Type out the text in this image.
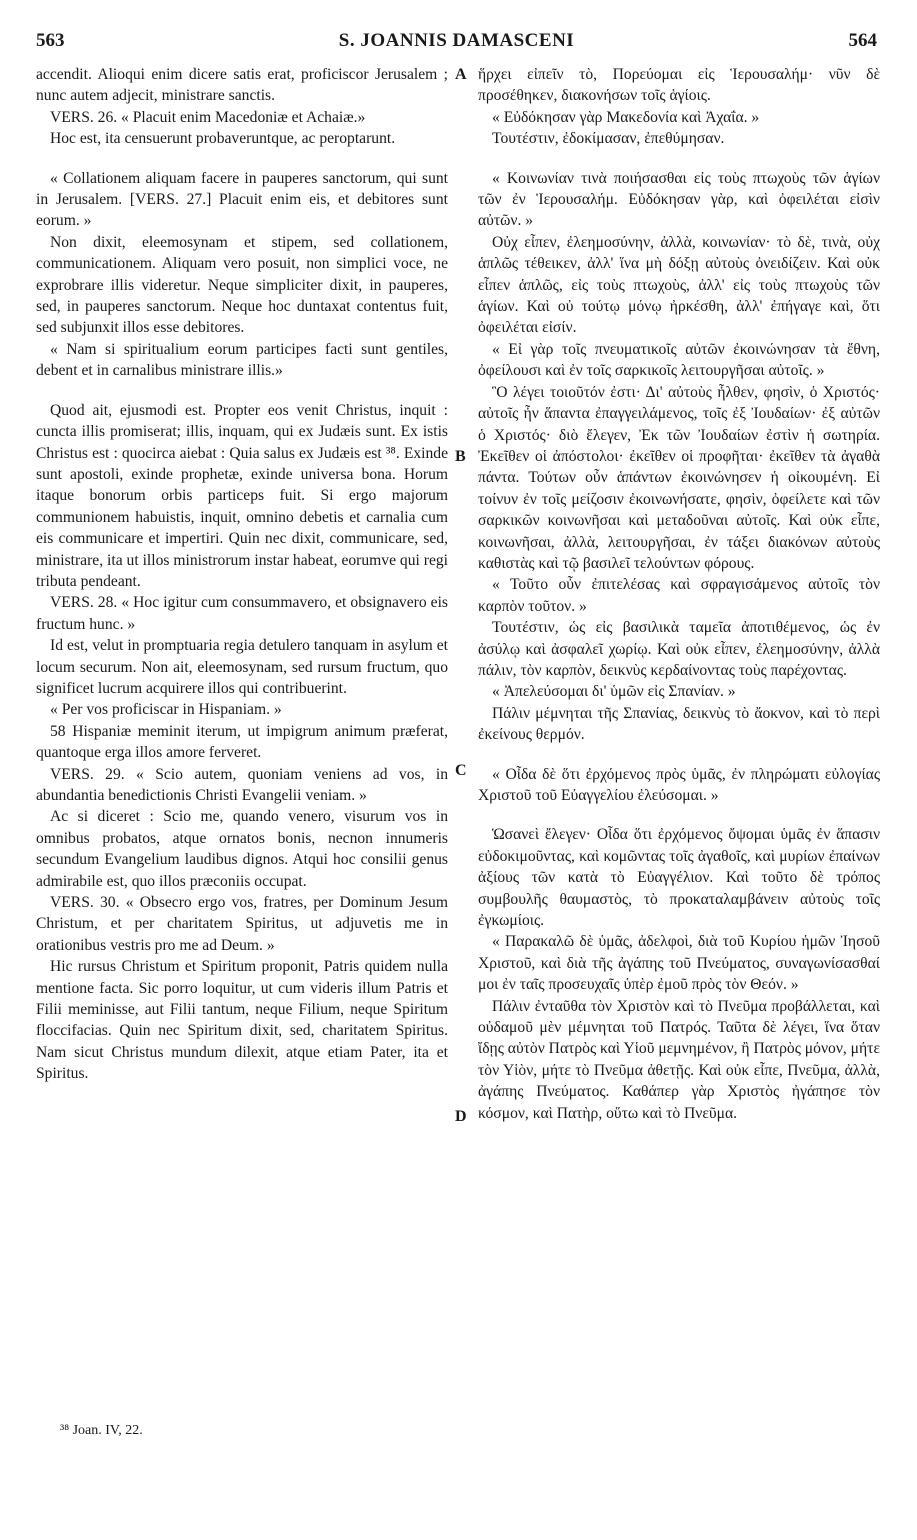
S. JOANNIS DAMASCENI
563	564

accendit. Alioqui enim dicere satis erat, proficiscor Jerusalem ; nunc autem adjecit, ministrare sanctis.

VERS. 26. « Placuit enim Macedoniæ et Achaiæ.»

Hoc est, ita censuerunt probaveruntque, ac peroptarunt.

« Collationem aliquam facere in pauperes sanctorum, qui sunt in Jerusalem. [VERS. 27.] Placuit enim eis, et debitores sunt eorum. »

Non dixit, eleemosynam et stipem, sed collationem, communicationem. Aliquam vero posuit, non simplici voce, ne exprobrare illis videretur. Neque simpliciter dixit, in pauperes, sed, in pauperes sanctorum. Neque hoc duntaxat contentus fuit, sed subjunxit illos esse debitores.

« Nam si spiritualium eorum participes facti sunt gentiles, debent et in carnalibus ministrare illis.»

Quod ait, ejusmodi est. Propter eos venit Christus, inquit : cuncta illis promiserat; illis, inquam, qui ex Judæis sunt. Ex istis Christus est : quocirca aiebat : Quia salus ex Judæis est ³⁸. Exinde sunt apostoli, exinde prophetæ, exinde universa bona. Horum itaque bonorum orbis particeps fuit. Si ergo majorum communionem habuistis, inquit, omnino debetis et carnalia cum eis communicare et impertiri. Quin nec dixit, communicare, sed, ministrare, ita ut illos ministrorum instar habeat, eorumve qui regi tributa pendeant.

VERS. 28. « Hoc igitur cum consummavero, et obsignavero eis fructum hunc. »

Id est, velut in promptuaria regia detulero tanquam in asylum et locum securum. Non ait, eleemosynam, sed rursum fructum, quo significet lucrum acquirere illos qui contribuerint.

« Per vos proficiscar in Hispaniam. »

58 Hispaniæ meminit iterum, ut impigrum animum præferat, quantoque erga illos amore ferveret.

VERS. 29. « Scio autem, quoniam veniens ad vos, in abundantia benedictionis Christi Evangelii veniam. »

Ac si diceret : Scio me, quando venero, visurum vos in omnibus probatos, atque ornatos bonis, necnon innumeris secundum Evangelium laudibus dignos. Atqui hoc consilii genus admirabile est, quo illos præconiis occupat.

VERS. 30. « Obsecro ergo vos, fratres, per Dominum Jesum Christum, et per charitatem Spiritus, ut adjuvetis me in orationibus vestris pro me ad Deum. »

Hic rursus Christum et Spiritum proponit, Patris quidem nulla mentione facta. Sic porro loquitur, ut cum videris illum Patris et Filii meminisse, aut Filii tantum, neque Filium, neque Spiritum floccifacias. Quin nec Spiritum dixit, sed, charitatem Spiritus. Nam sicut Christus mundum dilexit, atque etiam Pater, ita et Spiritus.

A
B
C
D

ἥρχει εἰπεῖν τὸ, Πορεύομαι εἰς Ἱερουσαλήμ· νῦν δὲ προσέθηκεν, διακονήσων τοῖς ἁγίοις.

« Εὐδόκησαν γὰρ Μακεδονία καὶ Ἀχαΐα. »

Τουτέστιν, ἐδοκίμασαν, ἐπεθύμησαν.

« Κοινωνίαν τινὰ ποιήσασθαι εἰς τοὺς πτωχοὺς τῶν ἁγίων τῶν ἐν Ἱερουσαλήμ. Εὐδόκησαν γὰρ, καὶ ὀφειλέται εἰσὶν αὐτῶν. »

Οὐχ εἶπεν, ἐλεημοσύνην, ἀλλὰ, κοινωνίαν· τὸ δὲ, τινὰ, οὐχ ἁπλῶς τέθεικεν, ἀλλ' ἵνα μὴ δόξῃ αὐτοὺς ὀνειδίζειν. Καὶ οὐκ εἶπεν ἁπλῶς, εἰς τοὺς πτωχοὺς, ἀλλ' εἰς τοὺς πτωχοὺς τῶν ἁγίων. Καὶ οὐ τούτῳ μόνῳ ἠρκέσθη, ἀλλ' ἐπήγαγε καὶ, ὅτι ὀφειλέται εἰσίν.

« Εἰ γὰρ τοῖς πνευματικοῖς αὐτῶν ἐκοινώνησαν τὰ ἔθνη, ὀφείλουσι καὶ ἐν τοῖς σαρκικοῖς λειτουργῆσαι αὐτοῖς. »

Ὃ λέγει τοιοῦτόν ἐστι· Δι' αὐτοὺς ἦλθεν, φησὶν, ὁ Χριστός· αὐτοῖς ἦν ἅπαντα ἐπαγγειλάμενος, τοῖς ἐξ Ἰουδαίων· ἐξ αὐτῶν ὁ Χριστός· διὸ ἔλεγεν, Ἐκ τῶν Ἰουδαίων ἐστὶν ἡ σωτηρία. Ἐκεῖθεν οἱ ἀπόστολοι· ἐκεῖθεν οἱ προφῆται· ἐκεῖθεν τὰ ἀγαθὰ πάντα. Τούτων οὖν ἁπάντων ἐκοινώνησεν ἡ οἰκουμένη. Εἰ τοίνυν ἐν τοῖς μείζοσιν ἐκοινωνήσατε, φησὶν, ὀφείλετε καὶ τῶν σαρκικῶν κοινωνῆσαι καὶ μεταδοῦναι αὐτοῖς. Καὶ οὐκ εἶπε, κοινωνῆσαι, ἀλλὰ, λειτουργῆσαι, ἐν τάξει διακόνων αὐτοὺς καθιστὰς καὶ τῷ βασιλεῖ τελούντων φόρους.

« Τοῦτο οὖν ἐπιτελέσας καὶ σφραγισάμενος αὐτοῖς τὸν καρπὸν τοῦτον. »

Τουτέστιν, ὡς εἰς βασιλικὰ ταμεῖα ἀποτιθέμενος, ὡς ἐν ἀσύλῳ καὶ ἀσφαλεῖ χωρίῳ. Καὶ οὐκ εἶπεν, ἐλεημοσύνην, ἀλλὰ πάλιν, τὸν καρπὸν, δεικνὺς κερδαίνοντας τοὺς παρέχοντας.

« Ἀπελεύσομαι δι' ὑμῶν εἰς Σπανίαν. »

Πάλιν μέμνηται τῆς Σπανίας, δεικνὺς τὸ ἄοκνον, καὶ τὸ περὶ ἐκείνους θερμόν.

« Οἶδα δὲ ὅτι ἐρχόμενος πρὸς ὑμᾶς, ἐν πληρώματι εὐλογίας Χριστοῦ τοῦ Εὐαγγελίου ἐλεύσομαι. »

Ὡσανεὶ ἔλεγεν· Οἶδα ὅτι ἐρχόμενος ὄψομαι ὑμᾶς ἐν ἅπασιν εὐδοκιμοῦντας, καὶ κομῶντας τοῖς ἀγαθοῖς, καὶ μυρίων ἐπαίνων ἀξίους τῶν κατὰ τὸ Εὐαγγέλιον. Καὶ τοῦτο δὲ τρόπος συμβουλῆς θαυμαστὸς, τὸ προκαταλαμβάνειν αὐτοὺς τοῖς ἐγκωμίοις.

« Παρακαλῶ δὲ ὑμᾶς, ἀδελφοὶ, διὰ τοῦ Κυρίου ἡμῶν Ἰησοῦ Χριστοῦ, καὶ διὰ τῆς ἀγάπης τοῦ Πνεύματος, συναγωνίσασθαί μοι ἐν ταῖς προσευχαῖς ὑπὲρ ἐμοῦ πρὸς τὸν Θεόν. »

Πάλιν ἐνταῦθα τὸν Χριστὸν καὶ τὸ Πνεῦμα προβάλλεται, καὶ οὐδαμοῦ μὲν μέμνηται τοῦ Πατρός. Ταῦτα δὲ λέγει, ἵνα ὅταν ἴδῃς αὐτὸν Πατρὸς καὶ Υἱοῦ μεμνημένον, ἢ Πατρὸς μόνον, μήτε τὸν Υἱὸν, μήτε τὸ Πνεῦμα ἀθετῇς. Καὶ οὐκ εἶπε, Πνεῦμα, ἀλλὰ, ἀγάπης Πνεύματος. Καθάπερ γὰρ Χριστὸς ἠγάπησε τὸν κόσμον, καὶ Πατὴρ, οὕτω καὶ τὸ Πνεῦμα.

³⁸ Joan. IV, 22.
